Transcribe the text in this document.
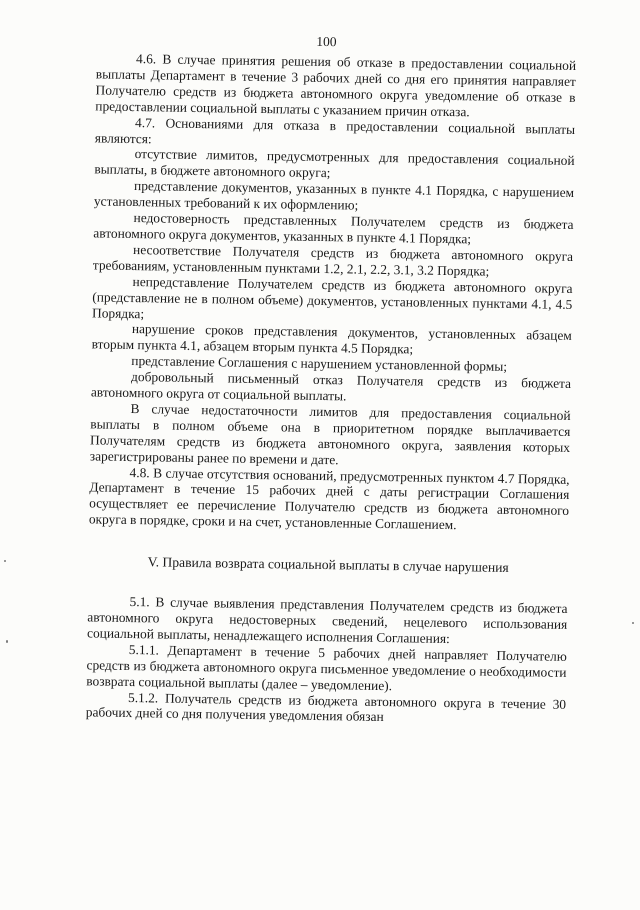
100

4.6. В случае принятия решения об отказе в предоставлении социальной выплаты Департамент в течение 3 рабочих дней со дня его принятия направляет Получателю средств из бюджета автономного округа уведомление об отказе в предоставлении социальной выплаты с указанием причин отказа.

4.7. Основаниями для отказа в предоставлении социальной выплаты являются:

отсутствие лимитов, предусмотренных для предоставления социальной выплаты, в бюджете автономного округа;

представление документов, указанных в пункте 4.1 Порядка, с нарушением установленных требований к их оформлению;

недостоверность представленных Получателем средств из бюджета автономного округа документов, указанных в пункте 4.1 Порядка;

несоответствие Получателя средств из бюджета автономного округа требованиям, установленным пунктами 1.2, 2.1, 2.2, 3.1, 3.2 Порядка;

непредставление Получателем средств из бюджета автономного округа (представление не в полном объеме) документов, установленных пунктами 4.1, 4.5 Порядка;

нарушение сроков представления документов, установленных абзацем вторым пункта 4.1, абзацем вторым пункта 4.5 Порядка;

представление Соглашения с нарушением установленной формы;

добровольный письменный отказ Получателя средств из бюджета автономного округа от социальной выплаты.

В случае недостаточности лимитов для предоставления социальной выплаты в полном объеме она в приоритетном порядке выплачивается Получателям средств из бюджета автономного округа, заявления которых зарегистрированы ранее по времени и дате.

4.8. В случае отсутствия оснований, предусмотренных пунктом 4.7 Порядка, Департамент в течение 15 рабочих дней с даты регистрации Соглашения осуществляет ее перечисление Получателю средств из бюджета автономного округа в порядке, сроки и на счет, установленные Соглашением.

V. Правила возврата социальной выплаты в случае нарушения

5.1. В случае выявления представления Получателем средств из бюджета автономного округа недостоверных сведений, нецелевого использования социальной выплаты, ненадлежащего исполнения Соглашения:

5.1.1. Департамент в течение 5 рабочих дней направляет Получателю средств из бюджета автономного округа письменное уведомление о необходимости возврата социальной выплаты (далее – уведомление).

5.1.2. Получатель средств из бюджета автономного округа в течение 30 рабочих дней со дня получения уведомления обязан
